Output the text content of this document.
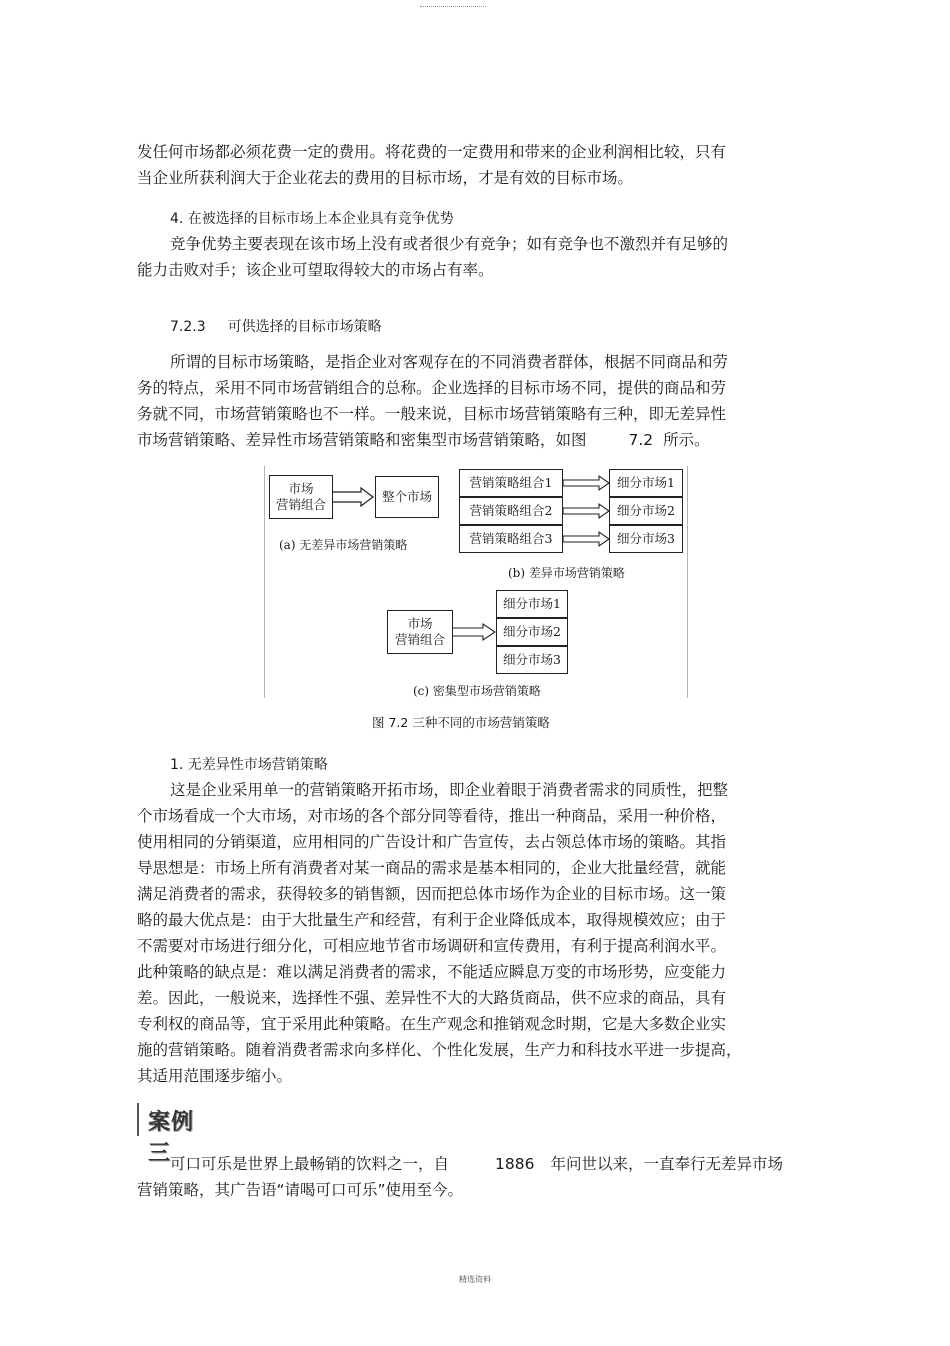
发任何市场都必须花费一定的费用。将花费的一定费用和带来的企业利润相比较，只有
当企业所获利润大于企业花去的费用的目标市场，才是有效的目标市场。
4. 在被选择的目标市场上本企业具有竞争优势
竞争优势主要表现在该市场上没有或者很少有竞争；如有竞争也不激烈并有足够的
能力击败对手；该企业可望取得较大的市场占有率。
7.2.3 可供选择的目标市场策略
所谓的目标市场策略，是指企业对客观存在的不同消费者群体，根据不同商品和劳
务的特点，采用不同市场营销组合的总称。企业选择的目标市场不同，提供的商品和劳
务就不同，市场营销策略也不一样。一般来说，目标市场营销策略有三种，即无差异性
市场营销策略、差异性市场营销策略和密集型市场营销策略，如图	7.2 所示。
市场
营销组合
整个市场
(a) 无差异市场营销策略
营销策略组合1
营销策略组合2
营销策略组合3
细分市场1
细分市场2
细分市场3
(b) 差异市场营销策略
市场
营销组合
细分市场1
细分市场2
细分市场3
(c) 密集型市场营销策略
图 7.2 三种不同的市场营销策略
1. 无差异性市场营销策略
这是企业采用单一的营销策略开拓市场，即企业着眼于消费者需求的同质性，把整
个市场看成一个大市场，对市场的各个部分同等看待，推出一种商品，采用一种价格，
使用相同的分销渠道，应用相同的广告设计和广告宣传，去占领总体市场的策略。其指
导思想是：市场上所有消费者对某一商品的需求是基本相同的，企业大批量经营，就能
满足消费者的需求，获得较多的销售额，因而把总体市场作为企业的目标市场。这一策
略的最大优点是：由于大批量生产和经营，有利于企业降低成本，取得规模效应；由于
不需要对市场进行细分化，可相应地节省市场调研和宣传费用，有利于提高利润水平。
此种策略的缺点是：难以满足消费者的需求，不能适应瞬息万变的市场形势，应变能力
差。因此，一般说来，选择性不强、差异性不大的大路货商品，供不应求的商品，具有
专利权的商品等，宜于采用此种策略。在生产观念和推销观念时期，它是大多数企业实
施的营销策略。随着消费者需求向多样化、个性化发展，生产力和科技水平进一步提高，
其适用范围逐步缩小。
案例三
可口可乐是世界上最畅销的饮料之一，自	1886 年问世以来，一直奉行无差异市场
营销策略，其广告语“请喝可口可乐”使用至今。
精选资料
